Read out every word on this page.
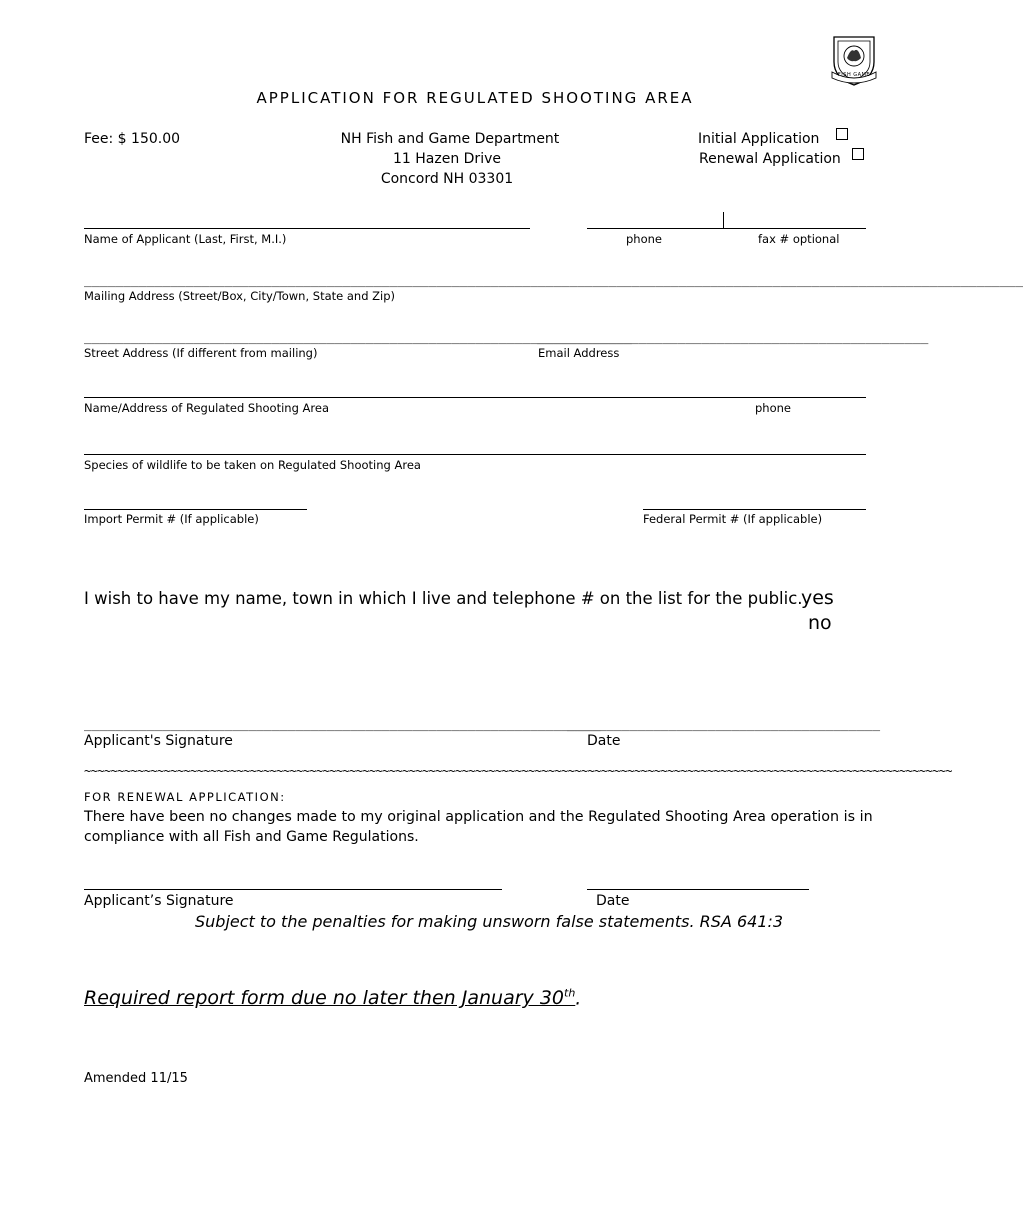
FISH GAME
APPLICATION FOR REGULATED SHOOTING AREA
Fee: $ 150.00	NH Fish and Game Department
11 Hazen Drive
Concord NH 03301
Initial Application
Renewal Application
Name of Applicant (Last, First, M.I.)	phone	fax # optional
________________________________________________________________________________________________________________________
Mailing Address (Street/Box, City/Town, State and Zip)
______________________________________________________________________
__________________________________________________
Street Address (If different from mailing)	Email Address
Name/Address of Regulated Shooting Area	phone
Species of wildlife to be taken on Regulated Shooting Area
Import Permit # (If applicable)	Federal Permit # (If applicable)
I wish to have my name, town in which I live and telephone # on the list for the public.
yes
no
__________________________________________________________________
________________________________________
Applicant's Signature	Date
~~~~~~~~~~~~~~~~~~~~~~~~~~~~~~~~~~~~~~~~~~~~~~~~~~~~~~~~~~~~~~~~~~~~~~~~~~~~~~~~~~~~~~~~~~~~~~~~~~~~~~~~~~~~~~~~~~~~~~~~~~~~~~~~~~~
FOR RENEWAL APPLICATION:
There have been no changes made to my original application and the Regulated Shooting Area operation is in
compliance with all Fish and Game Regulations.
Applicant’s Signature	Date
Subject to the penalties for making unsworn false statements. RSA 641:3
Required report form due no later then January 30th.
Amended 11/15
